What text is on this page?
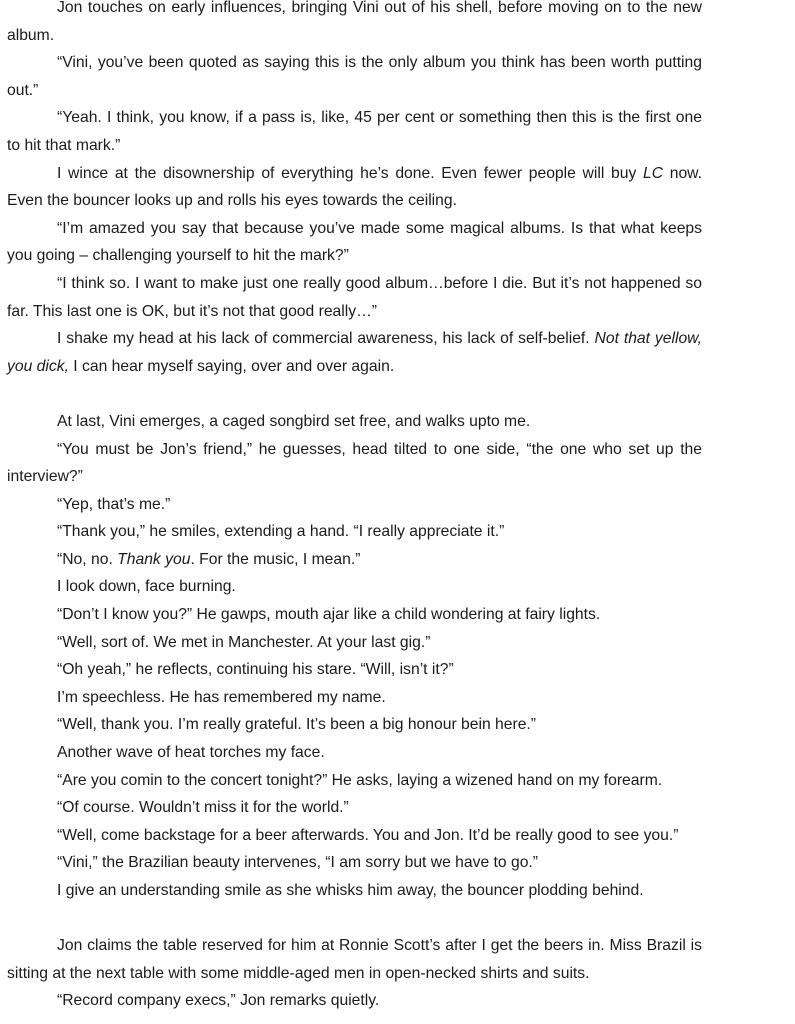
Jon touches on early influences, bringing Vini out of his shell, before moving on to the new album.

“Vini, you’ve been quoted as saying this is the only album you think has been worth putting out.”

“Yeah. I think, you know, if a pass is, like, 45 per cent or something then this is the first one to hit that mark.”

I wince at the disownership of everything he’s done. Even fewer people will buy LC now. Even the bouncer looks up and rolls his eyes towards the ceiling.

“I’m amazed you say that because you’ve made some magical albums. Is that what keeps you going – challenging yourself to hit the mark?”

“I think so. I want to make just one really good album…before I die. But it’s not happened so far. This last one is OK, but it’s not that good really…”

I shake my head at his lack of commercial awareness, his lack of self-belief. Not that yellow, you dick, I can hear myself saying, over and over again.

At last, Vini emerges, a caged songbird set free, and walks upto me.

“You must be Jon’s friend,” he guesses, head tilted to one side, “the one who set up the interview?”

“Yep, that’s me.”

“Thank you,” he smiles, extending a hand. “I really appreciate it.”

“No, no. Thank you. For the music, I mean.”

I look down, face burning.

“Don’t I know you?” He gawps, mouth ajar like a child wondering at fairy lights.

“Well, sort of. We met in Manchester. At your last gig.”

“Oh yeah,” he reflects, continuing his stare. “Will, isn’t it?”

I’m speechless. He has remembered my name.

“Well, thank you. I’m really grateful. It’s been a big honour bein here.”

Another wave of heat torches my face.

“Are you comin to the concert tonight?” He asks, laying a wizened hand on my forearm.

“Of course. Wouldn’t miss it for the world.”

“Well, come backstage for a beer afterwards. You and Jon. It’d be really good to see you.”

“Vini,” the Brazilian beauty intervenes, “I am sorry but we have to go.”

I give an understanding smile as she whisks him away, the bouncer plodding behind.

Jon claims the table reserved for him at Ronnie Scott’s after I get the beers in. Miss Brazil is sitting at the next table with some middle-aged men in open-necked shirts and suits.

“Record company execs,” Jon remarks quietly.
